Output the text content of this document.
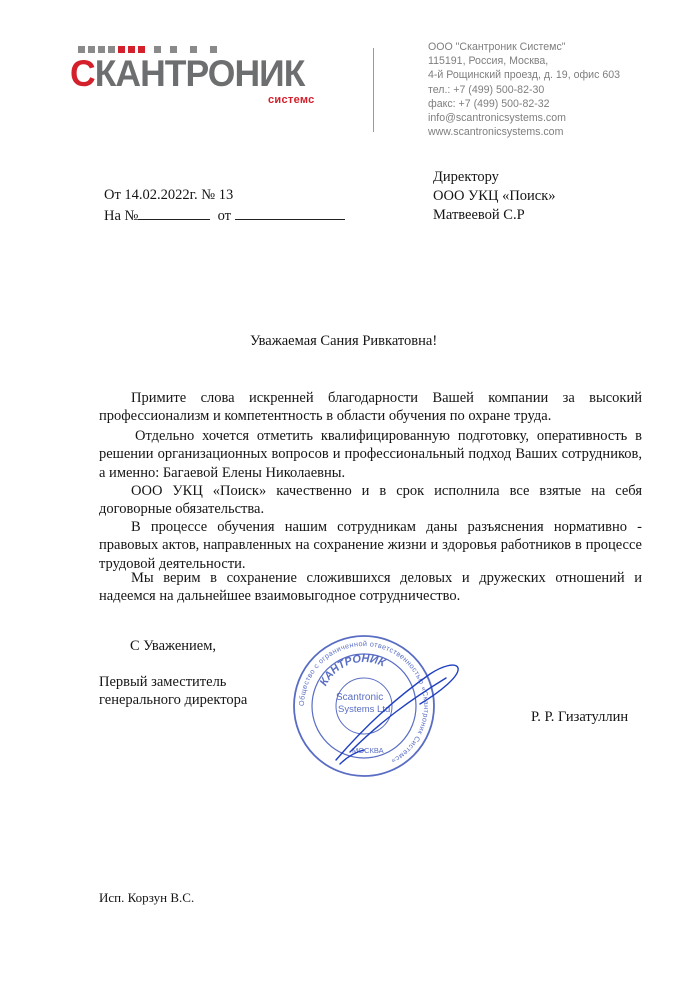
СКАНТРОНИК
системс
ООО "Скантроник Системс"
115191, Россия, Москва,
4-й Рощинский проезд, д. 19, офис 603
тел.: +7 (499) 500-82-30
факс: +7 (499) 500-82-32
info@scantronicsystems.com
www.scantronicsystems.com
От 14.02.2022г. № 13
На №	от
Директору
ООО УКЦ «Поиск»
Матвеевой С.Р
Уважаемая Сания Ривкатовна!
Примите слова искренней благодарности Вашей компании за высокий профессионализм и компетентность в области обучения по охране труда.
Отдельно хочется отметить квалифицированную подготовку, оперативность в решении организационных вопросов и профессиональный подход Ваших сотрудников, а именно: Багаевой Елены Николаевны.
ООО УКЦ «Поиск» качественно и в срок исполнила все взятые на себя договорные обязательства.
В процессе обучения нашим сотрудникам даны разъяснения нормативно - правовых актов, направленных на сохранение жизни и здоровья работников в процессе трудовой деятельности.
Мы верим в сохранение сложившихся деловых и дружеских отношений и надеемся на дальнейшее взаимовыгодное сотрудничество.
С Уважением,
Первый заместитель
генерального директора
Р. Р. Гизатуллин
Общество с ограниченной ответственностью «Скантроник Системс»
КАНТРОНИК
Scantronic
Systems Ltd
МОСКВА
Исп. Корзун В.С.
